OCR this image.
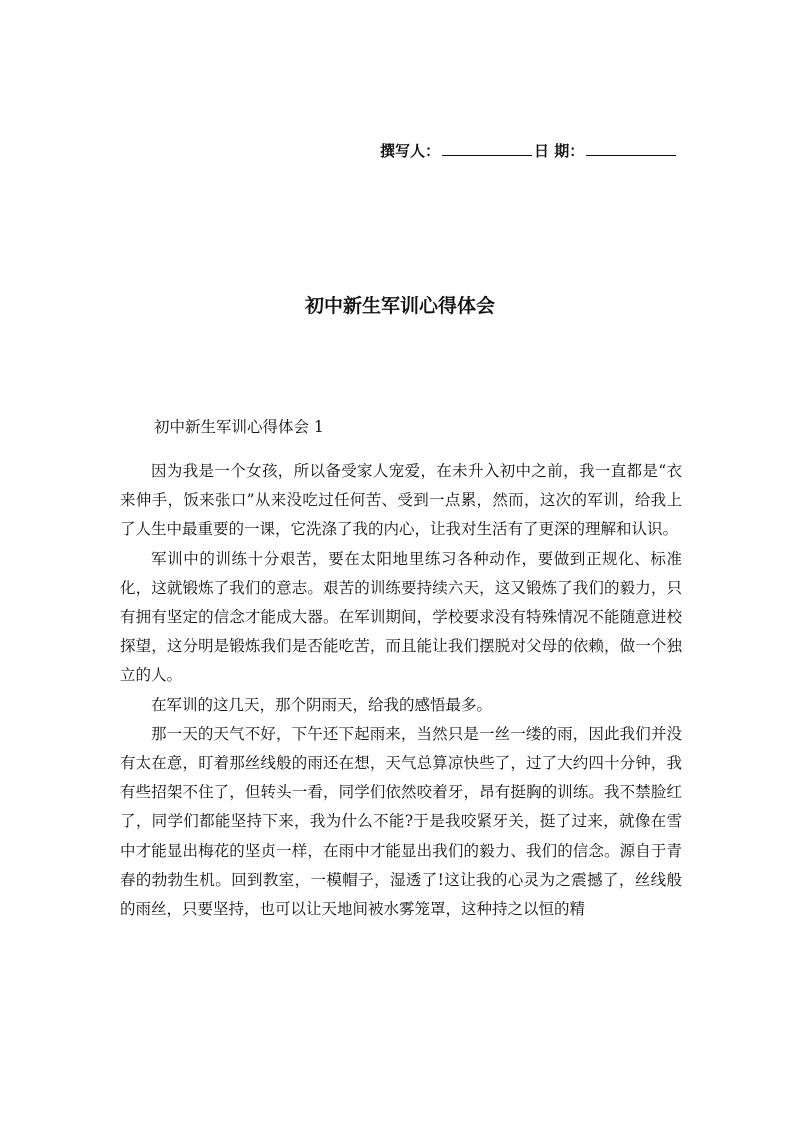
撰写人：	日 期：
初中新生军训心得体会
初中新生军训心得体会 1

因为我是一个女孩，所以备受家人宠爱，在未升入初中之前，我一直都是“衣来伸手，饭来张口”从来没吃过任何苦、受到一点累，然而，这次的军训，给我上了人生中最重要的一课，它洗涤了我的内心，让我对生活有了更深的理解和认识。

军训中的训练十分艰苦，要在太阳地里练习各种动作，要做到正规化、标准化，这就锻炼了我们的意志。艰苦的训练要持续六天，这又锻炼了我们的毅力，只有拥有坚定的信念才能成大器。在军训期间，学校要求没有特殊情况不能随意进校探望，这分明是锻炼我们是否能吃苦，而且能让我们摆脱对父母的依赖，做一个独立的人。

在军训的这几天，那个阴雨天，给我的感悟最多。

那一天的天气不好，下午还下起雨来，当然只是一丝一缕的雨，因此我们并没有太在意，盯着那丝线般的雨还在想，天气总算凉快些了，过了大约四十分钟，我有些招架不住了，但转头一看，同学们依然咬着牙，昂有挺胸的训练。我不禁脸红了，同学们都能坚持下来，我为什么不能?于是我咬紧牙关，挺了过来，就像在雪中才能显出梅花的坚贞一样，在雨中才能显出我们的毅力、我们的信念。源自于青春的勃勃生机。回到教室，一模帽子，湿透了!这让我的心灵为之震撼了，丝线般的雨丝，只要坚持，也可以让天地间被水雾笼罩，这种持之以恒的精
